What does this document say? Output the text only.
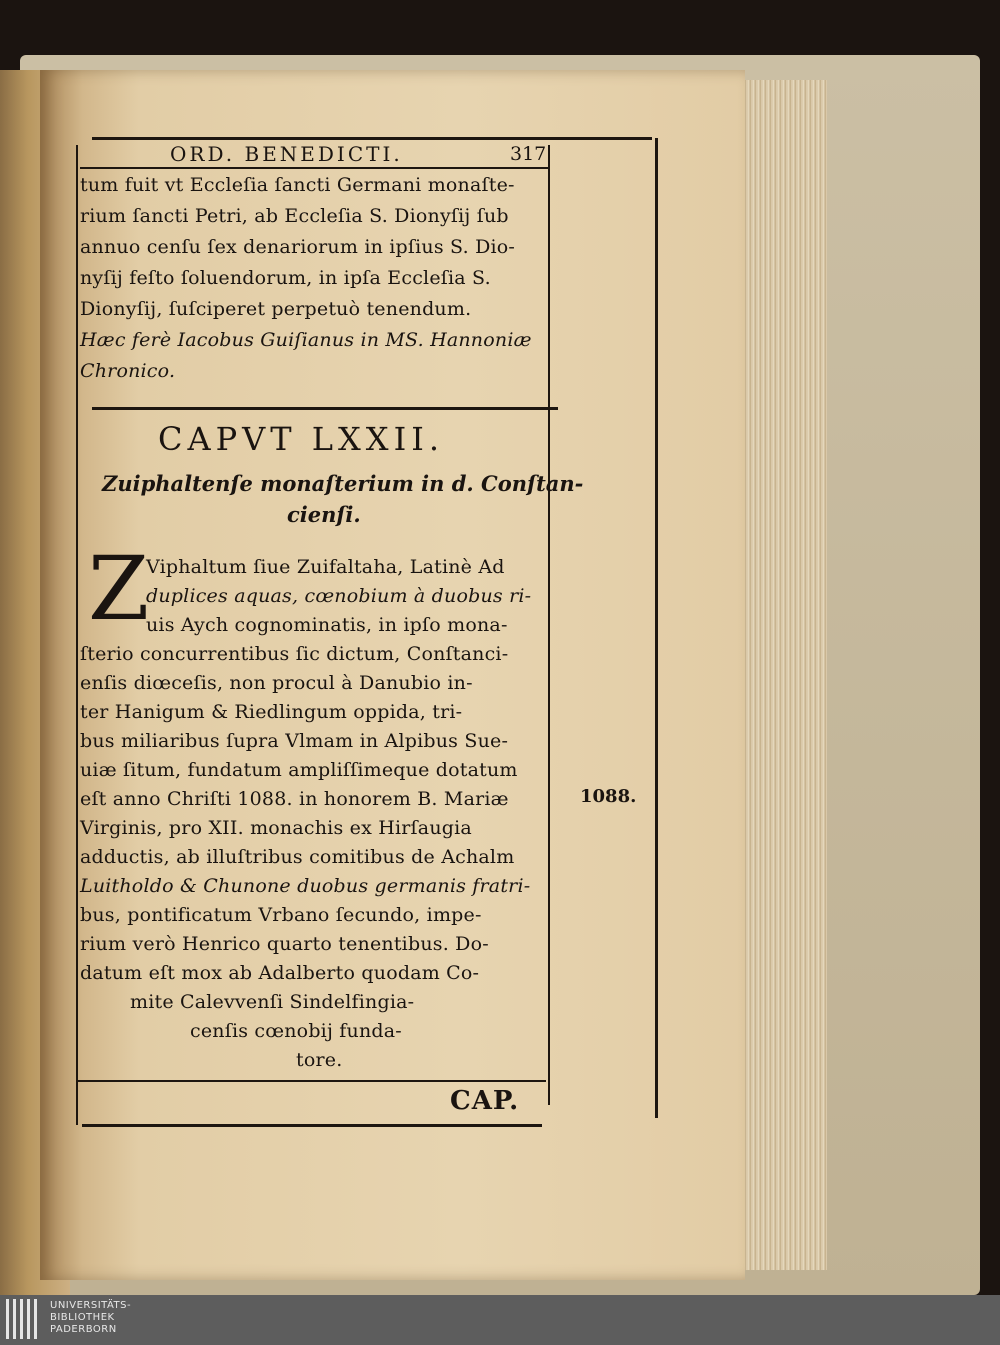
ORD. BENEDICTI.	317
tum fuit vt Eccleſia ſancti Germani monaſte-
rium ſancti Petri, ab Eccleſia S. Dionyſij ſub
annuo cenſu ſex denariorum in ipſius S. Dio-
nyſij feſto ſoluendorum, in ipſa Eccleſia S.
Dionyſij, ſuſciperet perpetuò tenendum.
Hæc ferè Iacobus Guiſianus in MS. Hannoniæ
Chronico.
CAPVT LXXII.
Zuiphaltenſe monaſterium in d. Conſtan-
cienſi.
Z
Viphaltum ſiue Zuifaltaha, Latinè Ad
duplices aquas, cœnobium à duobus ri-
uis Aych cognominatis, in ipſo mona-
ſterio concurrentibus ſic dictum, Conſtanci-
enſis diœceſis, non procul à Danubio in-
ter Hanigum & Riedlingum oppida, tri-
bus miliaribus ſupra Vlmam in Alpibus Sue-
uiæ ſitum, fundatum ampliſſimeque dotatum
eſt anno Chriſti 1088. in honorem B. Mariæ
Virginis, pro XII. monachis ex Hirſaugia
adductis, ab illuſtribus comitibus de Achalm
Luitholdo & Chunone duobus germanis fratri-
bus, pontificatum Vrbano ſecundo, impe-
rium verò Henrico quarto tenentibus. Do-
datum eſt mox ab Adalberto quodam Co-
mite Calevvenſi Sindelfingia-
cenſis cœnobij funda-
tore.
1088.
CAP.
UNIVERSITÄTS-
BIBLIOTHEK
PADERBORN
